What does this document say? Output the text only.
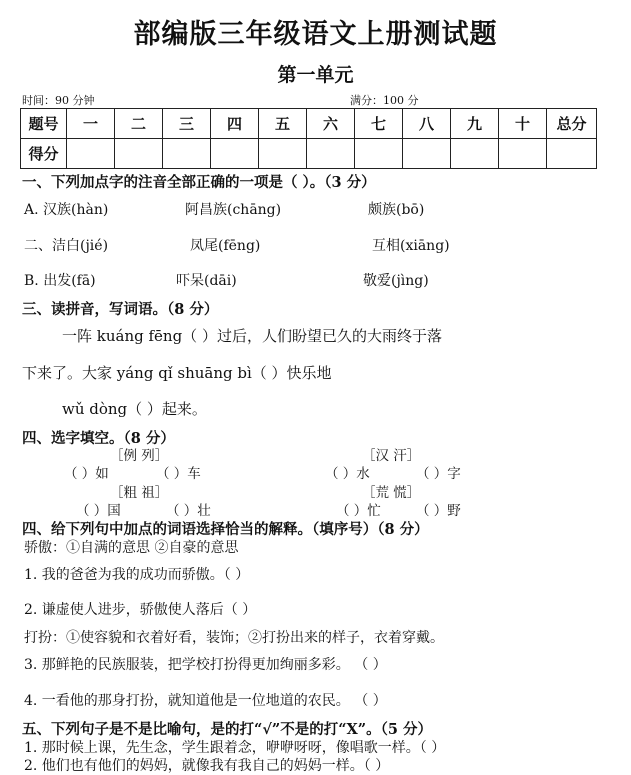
部编版三年级语文上册测试题
第一单元
时间：90 分钟	满分：100 分
题号	一	二	三	四	五	六	七	八	九	十	总分
得分											
一、下列加点字的注音全部正确的一项是（ ）。（3 分）
A. 汉族(hàn)	阿昌族(chāng)	颇族(bō)
二、洁白(jié)	凤尾(fēng)	互相(xiāng)
B. 出发(fā)	吓呆(dāi)	敬爱(jìng)
三、读拼音，写词语。（8 分）
一阵 kuáng fēng（ ）过后，人们盼望已久的大雨终于落
下来了。大家 yáng qǐ shuāng bì（ ）快乐地
wǔ dòng（ ）起来。
四、选字填空。（8 分）
［例 列］	［汉 汗］
（ ）如	（ ）车	（ ）水	（ ）字
［粗 祖］	［荒 慌］
（ ）国	（ ）壮	（ ）忙	（ ）野
四、给下列句中加点的词语选择恰当的解释。（填序号）（8 分）
骄傲：①自满的意思 ②自豪的意思
1. 我的爸爸为我的成功而骄傲。（ ）
2. 谦虚使人进步，骄傲使人落后（ ）
打扮：①使容貌和衣着好看，装饰；②打扮出来的样子，衣着穿戴。
3. 那鲜艳的民族服装，把学校打扮得更加绚丽多彩。 （ ）
4. 一看他的那身打扮，就知道他是一位地道的农民。 （ ）
五、下列句子是不是比喻句，是的打“√”不是的打“X”。（5 分）
1. 那时候上课，先生念，学生跟着念，咿咿呀呀，像唱歌一样。（ ）
2. 他们也有他们的妈妈，就像我有我自己的妈妈一样。（ ）
